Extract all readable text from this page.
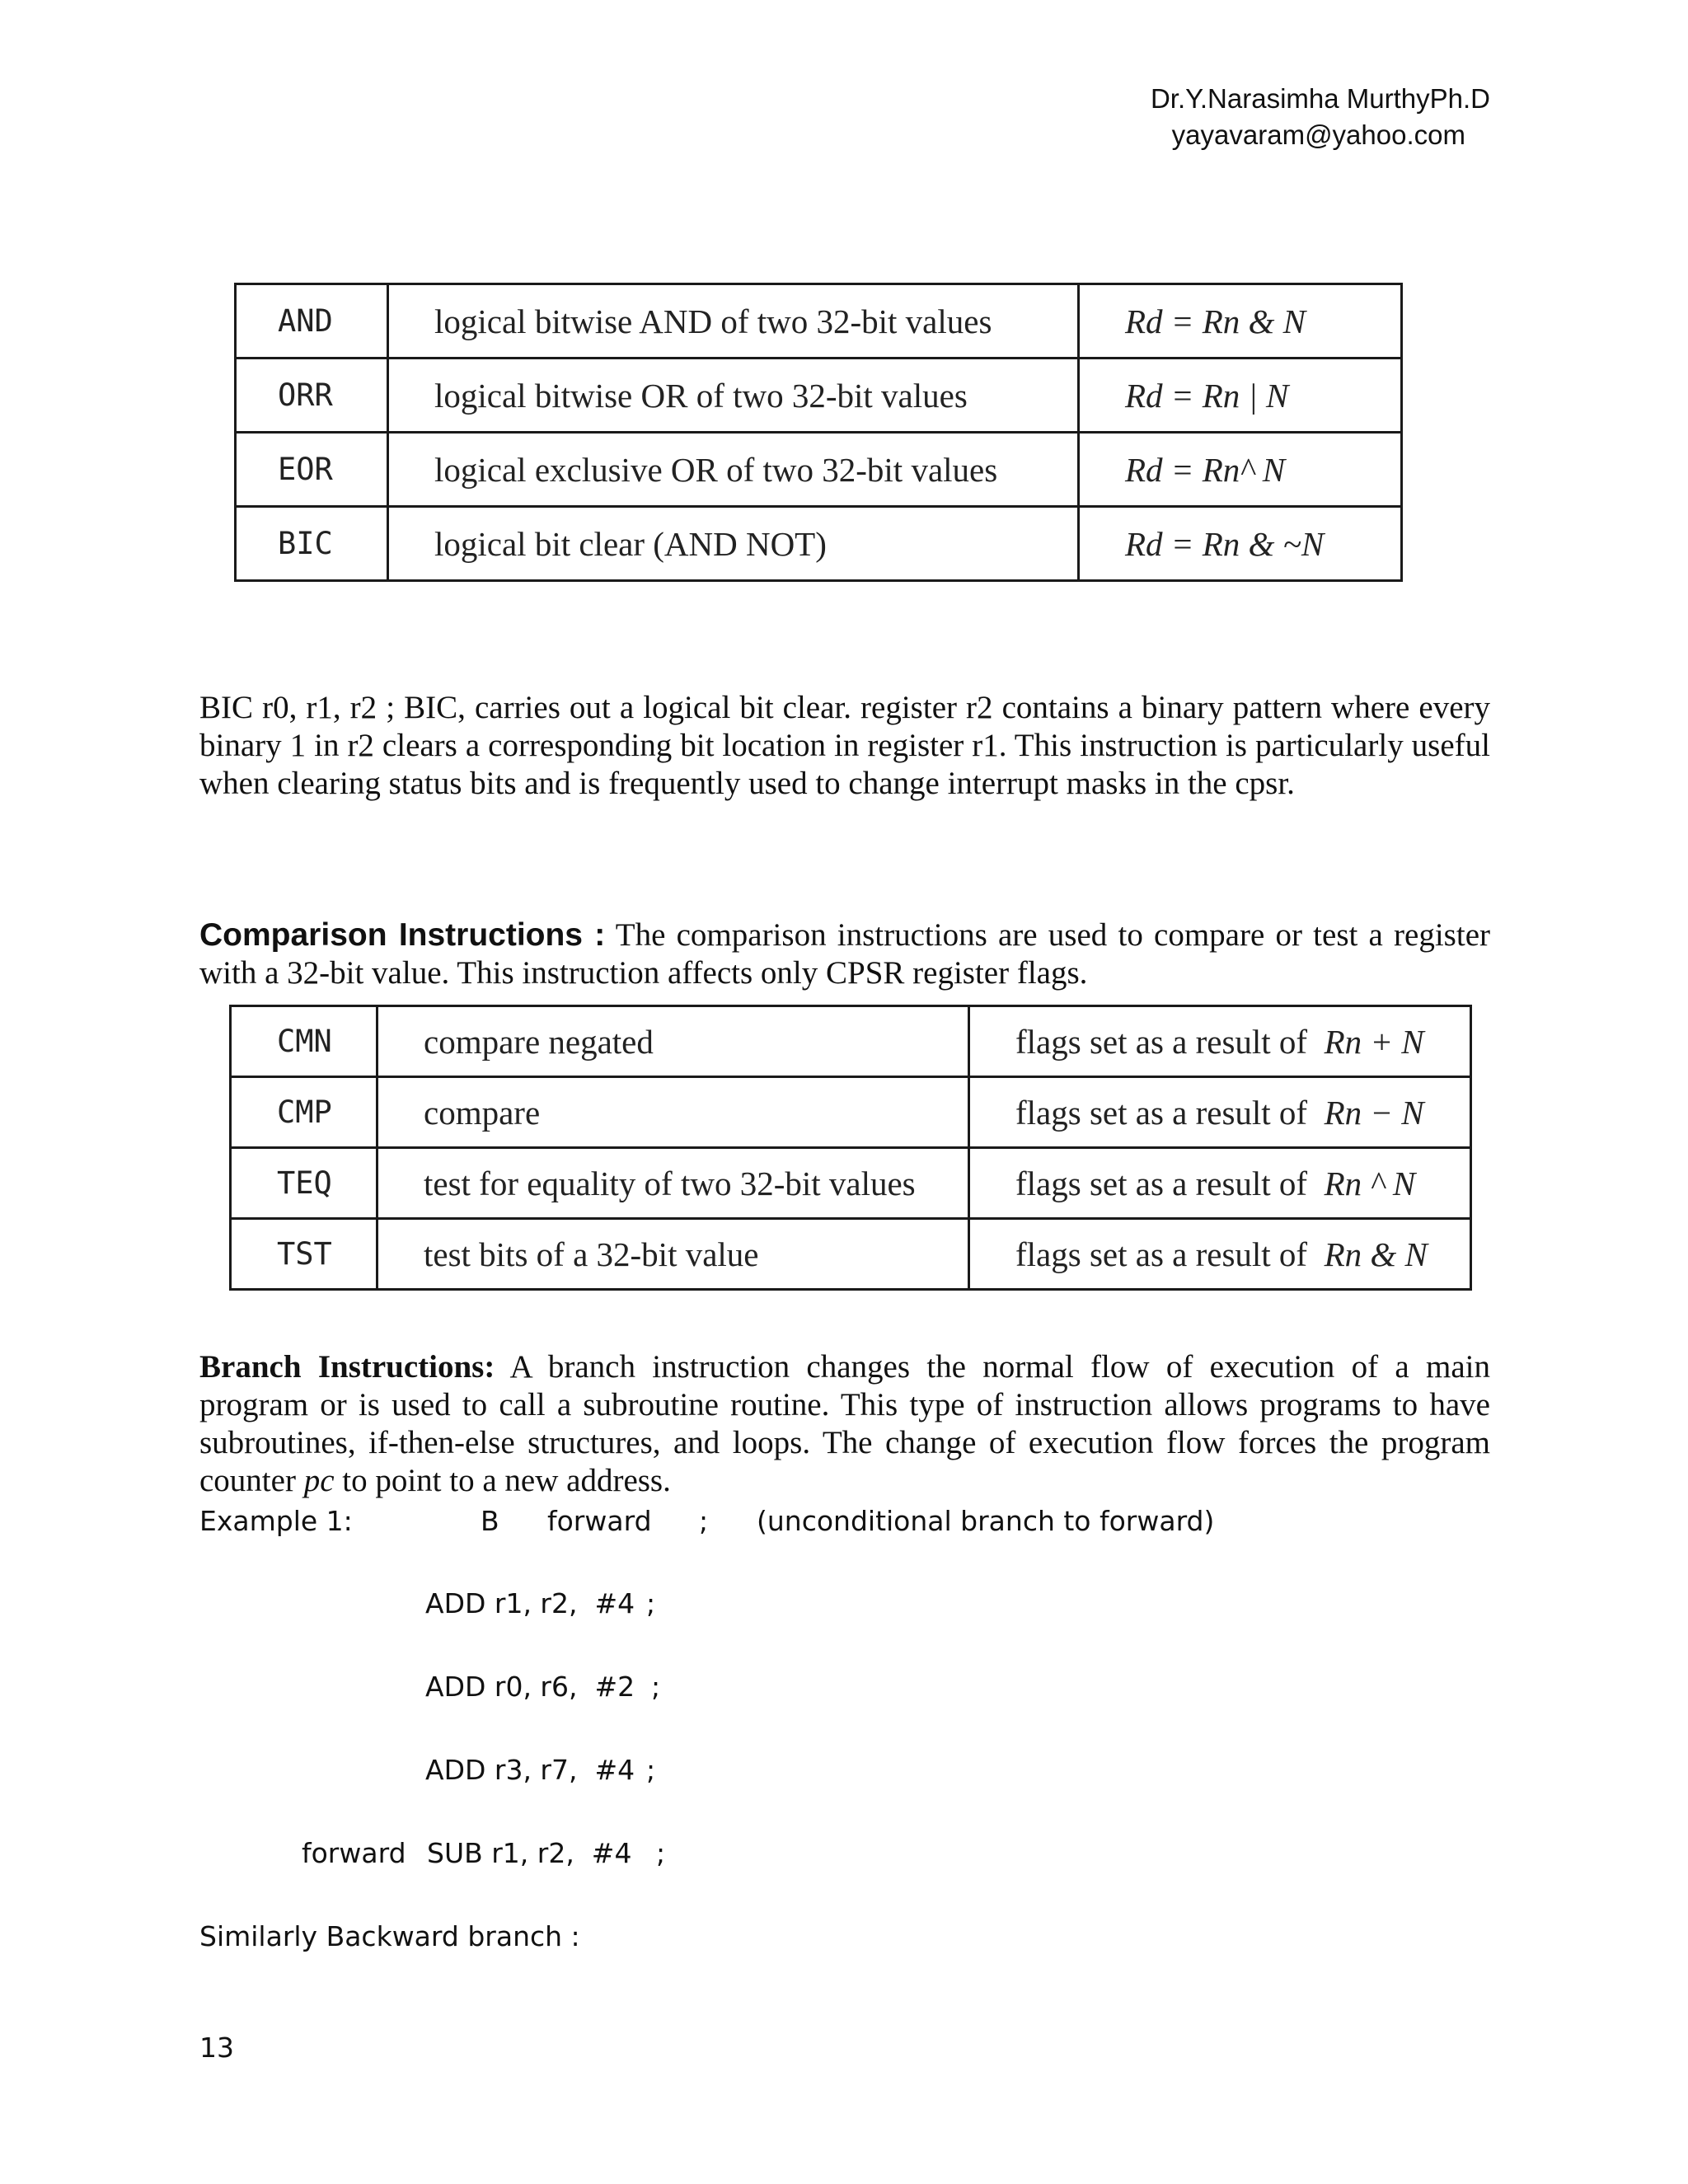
Dr.Y.Narasimha MurthyPh.D

yayavaram@yahoo.com
AND	logical bitwise AND of two 32-bit values	Rd = Rn & N
ORR	logical bitwise OR of two 32-bit values	Rd = Rn | N
EOR	logical exclusive OR of two 32-bit values	Rd = Rn^ N
BIC	logical bit clear (AND NOT)	Rd = Rn & ~N
BIC r0, r1, r2 ; BIC, carries out a logical bit clear. register r2 contains a binary pattern where every binary 1 in r2 clears a corresponding bit location in register r1. This instruction is particularly useful when clearing status bits and is frequently used to change interrupt masks in the cpsr.
Comparison Instructions : The comparison instructions are used to compare or test a register with a 32-bit value. This instruction affects only CPSR register flags.
CMN	compare negated	flags set as a result of Rn + N
CMP	compare	flags set as a result of Rn − N
TEQ	test for equality of two 32-bit values	flags set as a result of Rn ^ N
TST	test bits of a 32-bit value	flags set as a result of Rn & N
Branch Instructions: A branch instruction changes the normal flow of execution of a main program or is used to call a subroutine routine. This type of instruction allows programs to have subroutines, if-then-else structures, and loops. The change of execution flow forces the program counter pc to point to a new address.
Example 1:	B forward ; (unconditional branch to forward)
ADD r1, r2,  #4 ;
ADD r0, r6,  #2 ;
ADD r3, r7,  #4 ;
forward SUB r1, r2,  #4 ;
Similarly Backward branch :
13
